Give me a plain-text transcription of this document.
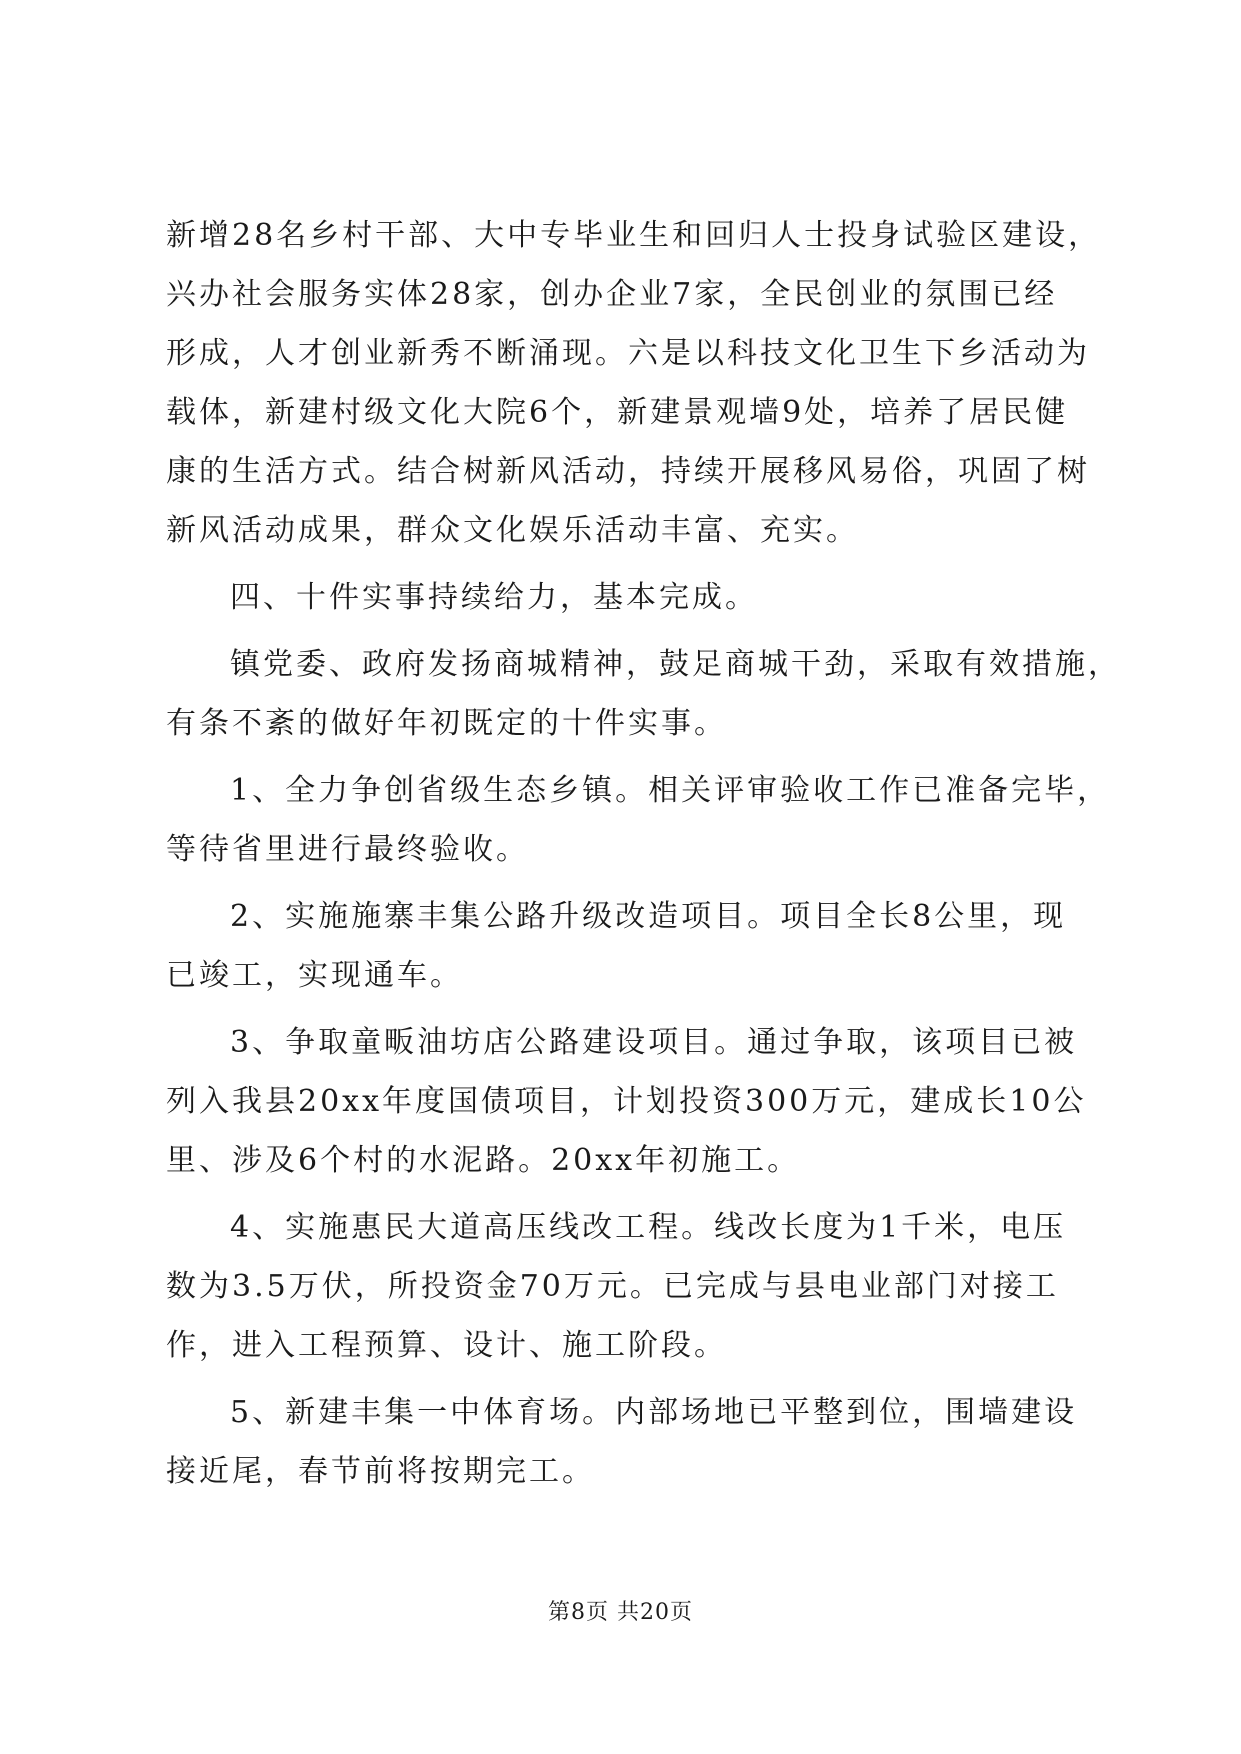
新增28名乡村干部、大中专毕业生和回归人士投身试验区建设，
兴办社会服务实体28家，创办企业7家，全民创业的氛围已经
形成，人才创业新秀不断涌现。六是以科技文化卫生下乡活动为
载体，新建村级文化大院6个，新建景观墙9处，培养了居民健
康的生活方式。结合树新风活动，持续开展移风易俗，巩固了树
新风活动成果，群众文化娱乐活动丰富、充实。
四、十件实事持续给力，基本完成。
镇党委、政府发扬商城精神，鼓足商城干劲，采取有效措施，
有条不紊的做好年初既定的十件实事。
1、全力争创省级生态乡镇。相关评审验收工作已准备完毕，
等待省里进行最终验收。
2、实施施寨丰集公路升级改造项目。项目全长8公里，现
已竣工，实现通车。
3、争取童畈油坊店公路建设项目。通过争取，该项目已被
列入我县20xx年度国债项目，计划投资300万元，建成长10公
里、涉及6个村的水泥路。20xx年初施工。
4、实施惠民大道高压线改工程。线改长度为1千米，电压
数为3.5万伏，所投资金70万元。已完成与县电业部门对接工
作，进入工程预算、设计、施工阶段。
5、新建丰集一中体育场。内部场地已平整到位，围墙建设
接近尾，春节前将按期完工。
第8页 共20页
